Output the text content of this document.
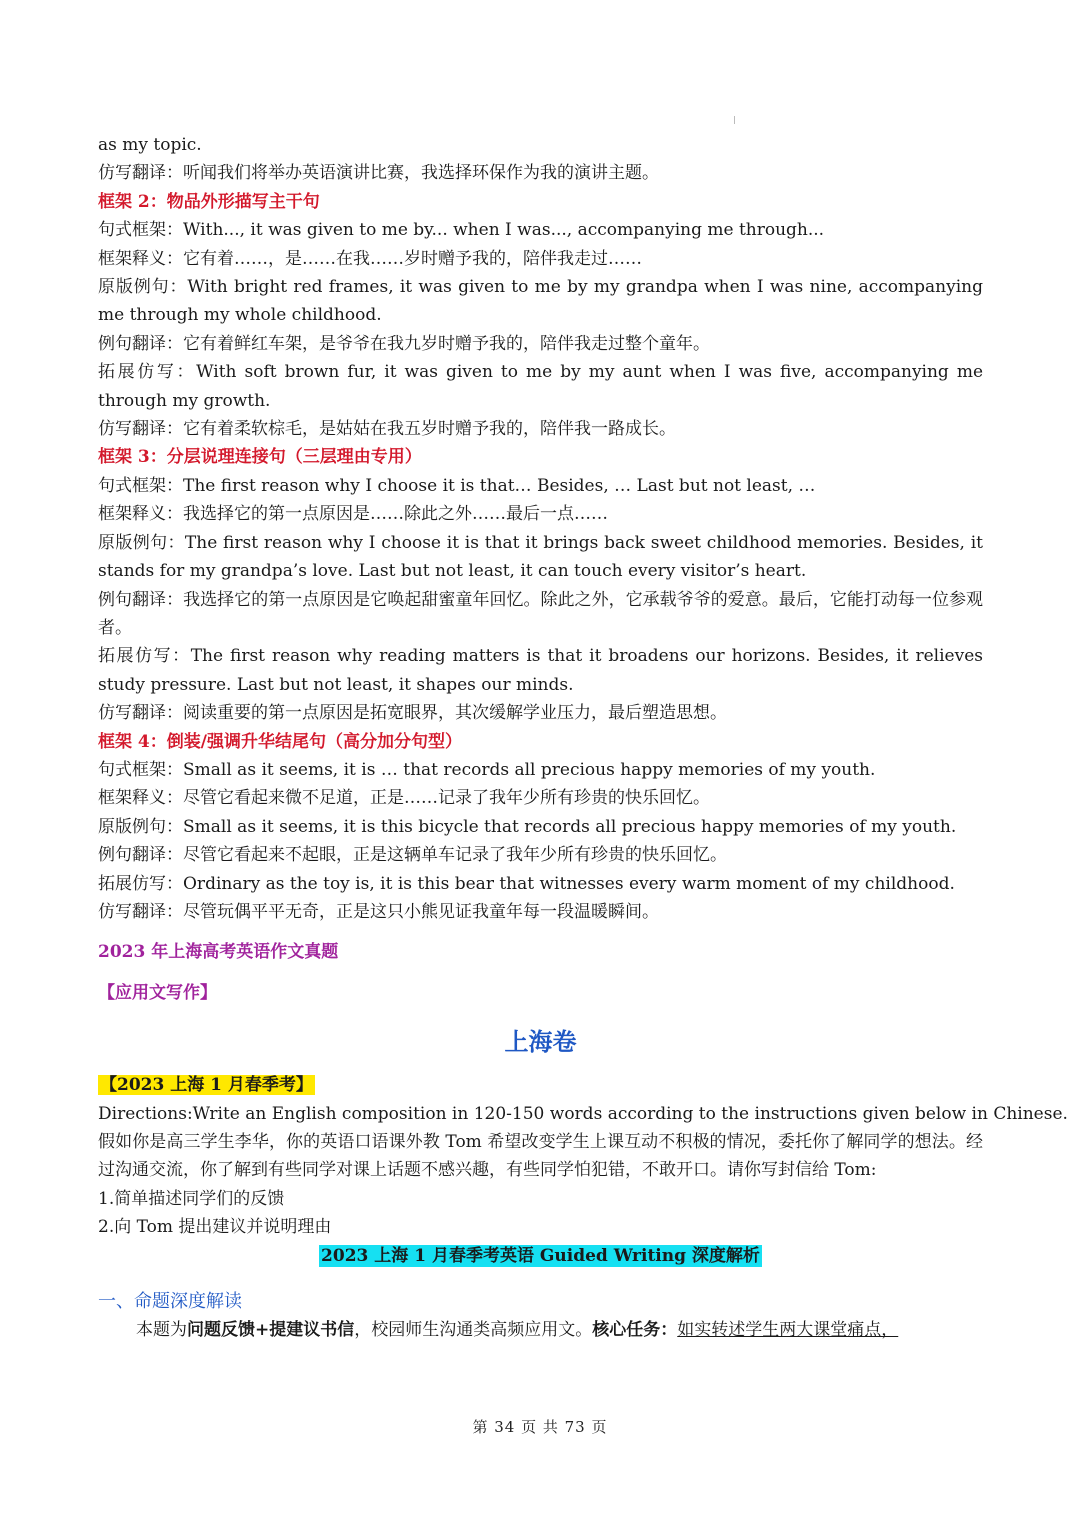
as my topic.
仿写翻译：听闻我们将举办英语演讲比赛，我选择环保作为我的演讲主题。
框架 2：物品外形描写主干句
句式框架：With..., it was given to me by... when I was..., accompanying me through...
框架释义：它有着……，是……在我……岁时赠予我的，陪伴我走过……
原版例句：With bright red frames, it was given to me by my grandpa when I was nine, accompanying me through my whole childhood.
例句翻译：它有着鲜红车架，是爷爷在我九岁时赠予我的，陪伴我走过整个童年。
拓展仿写：With soft brown fur, it was given to me by my aunt when I was five, accompanying me through my growth.
仿写翻译：它有着柔软棕毛，是姑姑在我五岁时赠予我的，陪伴我一路成长。
框架 3：分层说理连接句（三层理由专用）
句式框架：The first reason why I choose it is that… Besides, … Last but not least, …
框架释义：我选择它的第一点原因是……除此之外……最后一点……
原版例句：The first reason why I choose it is that it brings back sweet childhood memories. Besides, it stands for my grandpa’s love. Last but not least, it can touch every visitor’s heart.
例句翻译：我选择它的第一点原因是它唤起甜蜜童年回忆。除此之外，它承载爷爷的爱意。最后，它能打动每一位参观者。
拓展仿写：The first reason why reading matters is that it broadens our horizons. Besides, it relieves study pressure. Last but not least, it shapes our minds.
仿写翻译：阅读重要的第一点原因是拓宽眼界，其次缓解学业压力，最后塑造思想。
框架 4：倒装/强调升华结尾句（高分加分句型）
句式框架：Small as it seems, it is … that records all precious happy memories of my youth.
框架释义：尽管它看起来微不足道，正是……记录了我年少所有珍贵的快乐回忆。
原版例句：Small as it seems, it is this bicycle that records all precious happy memories of my youth.
例句翻译：尽管它看起来不起眼，正是这辆单车记录了我年少所有珍贵的快乐回忆。
拓展仿写：Ordinary as the toy is, it is this bear that witnesses every warm moment of my childhood.
仿写翻译：尽管玩偶平平无奇，正是这只小熊见证我童年每一段温暖瞬间。
2023 年上海高考英语作文真题
【应用文写作】
上海卷
【2023 上海 1 月春季考】
Directions:Write an English composition in 120-150 words according to the instructions given below in Chinese.
假如你是高三学生李华，你的英语口语课外教 Tom 希望改变学生上课互动不积极的情况，委托你了解同学的想法。经过沟通交流，你了解到有些同学对课上话题不感兴趣，有些同学怕犯错，不敢开口。请你写封信给 Tom:
1.简单描述同学们的反馈
2.向 Tom 提出建议并说明理由
2023 上海 1 月春季考英语 Guided Writing 深度解析
一、命题深度解读
本题为问题反馈+提建议书信，校园师生沟通类高频应用文。核心任务：如实转述学生两大课堂痛点，
第 34 页 共 73 页
